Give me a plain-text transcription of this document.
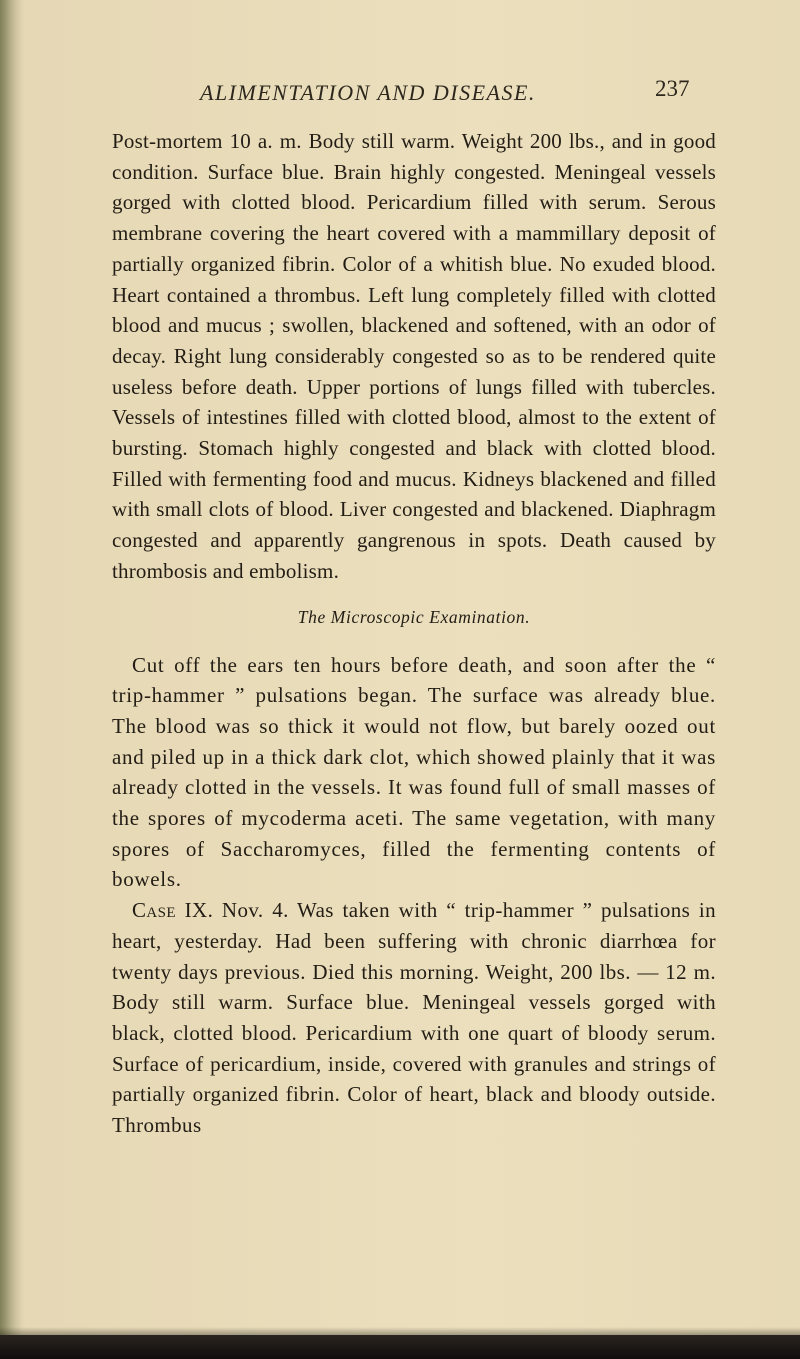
ALIMENTATION AND DISEASE.	237

Post-mortem 10 a. m. Body still warm. Weight 200 lbs., and in good condition. Surface blue. Brain highly congested. Meningeal vessels gorged with clotted blood. Pericardium filled with serum. Serous membrane covering the heart covered with a mammillary deposit of partially organized fibrin. Color of a whitish blue. No exuded blood. Heart contained a thrombus. Left lung completely filled with clotted blood and mucus ; swollen, blackened and softened, with an odor of decay. Right lung considerably congested so as to be rendered quite useless before death. Upper portions of lungs filled with tubercles. Vessels of intestines filled with clotted blood, almost to the extent of bursting. Stomach highly congested and black with clotted blood. Filled with fermenting food and mucus. Kidneys blackened and filled with small clots of blood. Liver congested and blackened. Diaphragm congested and apparently gangrenous in spots. Death caused by thrombosis and embolism.

The Microscopic Examination.

Cut off the ears ten hours before death, and soon after the “ trip-hammer ” pulsations began. The surface was already blue. The blood was so thick it would not flow, but barely oozed out and piled up in a thick dark clot, which showed plainly that it was already clotted in the vessels. It was found full of small masses of the spores of mycoderma aceti. The same vegetation, with many spores of Saccharomyces, filled the fermenting contents of bowels.

Case IX. Nov. 4. Was taken with “ trip-hammer ” pulsations in heart, yesterday. Had been suffering with chronic diarrhœa for twenty days previous. Died this morning. Weight, 200 lbs. — 12 m. Body still warm. Surface blue. Meningeal vessels gorged with black, clotted blood. Pericardium with one quart of bloody serum. Surface of pericardium, inside, covered with granules and strings of partially organized fibrin. Color of heart, black and bloody outside. Thrombus
